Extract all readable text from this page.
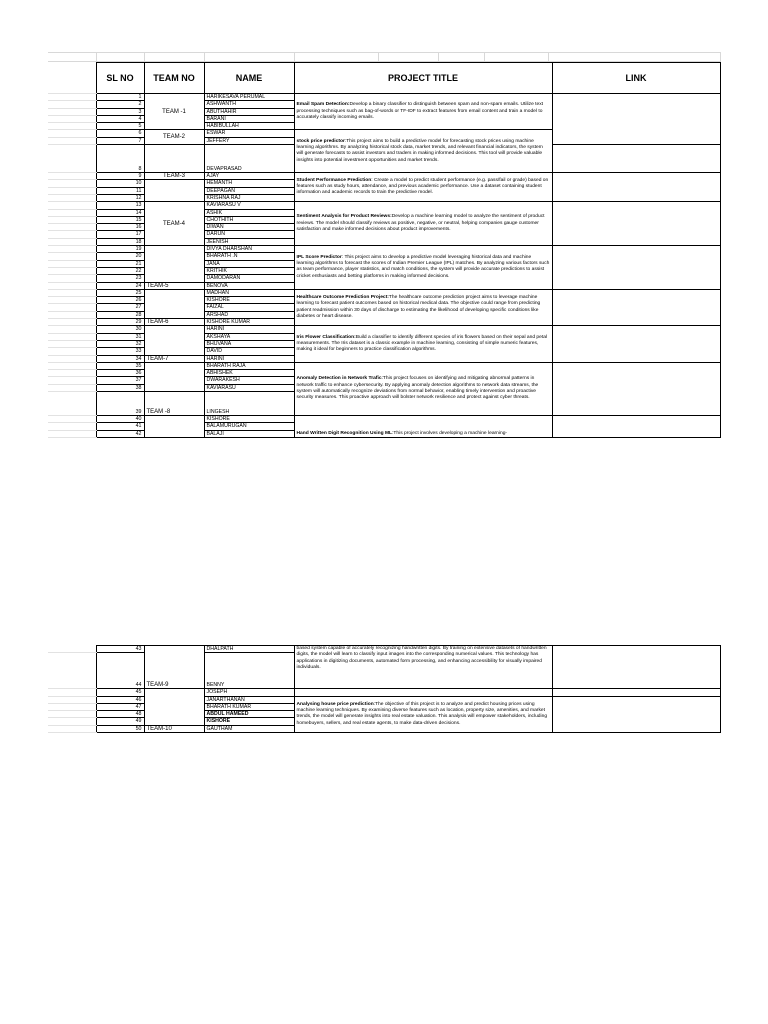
	SL NO	TEAM NO	NAME	PROJECT TITLE	LINK
	1	TEAM -1	HARIKESAVA PERUMAL	Email Spam Detection:Develop a binary classifier to distinguish between spam and non-spam emails. Utilize text processing techniques such as bag-of-words or TF-IDF to extract features from email content and train a model to accurately classify incoming emails.	
	2		ASHWANTH		
	3		ABUTHAHIR		
	4		BARANI		
	5		HABIBULLAH		
	6	TEAM-2	ESWAR	stock price predictor:This project aims to build a predictive model for forecasting stock prices using machine learning algorithms. By analyzing historical stock data, market trends, and relevant financial indicators, the system will generate forecasts to assist investors and traders in making informed decisions. This tool will provide valuable insights into potential investment opportunities and market trends.	
	7		JEFFERY		
	8		DEVAPRASAD		
	9	TEAM-3	AJAY	Student Performance Prediction: Create a model to predict student performance (e.g. pass/fail or grade) based on features such as study hours, attendance, and previous academic performance. Use a dataset containing student information and academic records to train the predictive model.	
	10		HEMANTH		
	11		DEEPAGAN		
	12		KRISHNA RAJ		
	13	TEAM-4	KAVIARASU V	Sentiment Analysis for Product Reviews:Develop a machine learning model to analyze the sentiment of product reviews. The model should classify reviews as positive, negative, or neutral, helping companies gauge customer satisfaction and make informed decisions about product improvements.	
	14		ASHIK		
	15		CHOTHITH		
	16		DIWAN		
	17		DARUN		
	18		JEENISH		
	19		DIVYA DHARSHAN	IPL Score Predictor: This project aims to develop a predictive model leveraging historical data and machine learning algorithms to forecast the scores of Indian Premier League (IPL) matches. By analyzing various factors such as team performance, player statistics, and match conditions, the system will provide accurate predictions to assist cricket enthusiasts and betting platforms in making informed decisions.	
	20		BHARATH .N		
	21		JANA		
	22		KRITHIK		
	23		DAMODARAN		
	24	TEAM-5	BENOVA		
	25		MADHAN	Healthcare Outcome Prediction Project:The healthcare outcome prediction project aims to leverage machine learning to forecast patient outcomes based on historical medical data. The objective could range from predicting patient readmission within 30 days of discharge to estimating the likelihood of developing specific conditions like diabetes or heart disease.	
	26		KISHORE		
	27		FAIZAL		
	28		ARSHAD		
	29	TEAM-6	KISHORE KUMAR		
	30		HARINI	Iris Flower Classification:Build a classifier to identify different species of iris flowers based on their sepal and petal measurements. The Iris dataset is a classic example in machine learning, consisting of simple numeric features, making it ideal for beginners to practice classification algorithms.	
	31		AKSHAYA		
	32		BHUVANA		
	33		DAVID		
	34	TEAM-7	HARINI		
	35		BHARATH RAJA	Anomaly Detection in Network Trafic:This project focuses on identifying and mitigating abnormal patterns in network traffic to enhance cybersecurity. By applying anomaly detection algorithms to network data streams, the system will automatically recognize deviations from normal behavior, enabling timely intervention and proactive security measures. This proactive approach will bolster network resilience and protect against cyber threats.	
	36		ABHISHEK		
	37		DWARAKESH		
	38		KAVIARASU		
	39	TEAM -8	LINGESH		
	40		KISHORE	Hand Written Digit Recognition Using ML:This project involves developing a machine learning-	
	41		BALAMURUGAN		
	42		BALAJI		
	43	TEAM-9	DHALPATH	based system capable of accurately recognizing handwritten digits. By training on extensive datasets of handwritten digits, the model will learn to classify input images into the corresponding numerical values. This technology has applications in digitizing documents, automated form processing, and enhancing accessibility for visually impaired individuals.	
	44		BENNY		
	45		JOSEPH		
	46		JANARTHANAN	Analysing house price prediction:The objective of this project is to analyze and predict housing prices using machine learning techniques. By examining diverse features such as location, property size, amenities, and market trends, the model will generate insights into real estate valuation. This analysis will empower stakeholders, including homebuyers, sellers, and real estate agents, to make data-driven decisions.	
	47		BHARATH KUMAR		
	48		ABDUL HAMEED		
	49		KISHORE		
	50	TEAM-10	GAUTHAM		
